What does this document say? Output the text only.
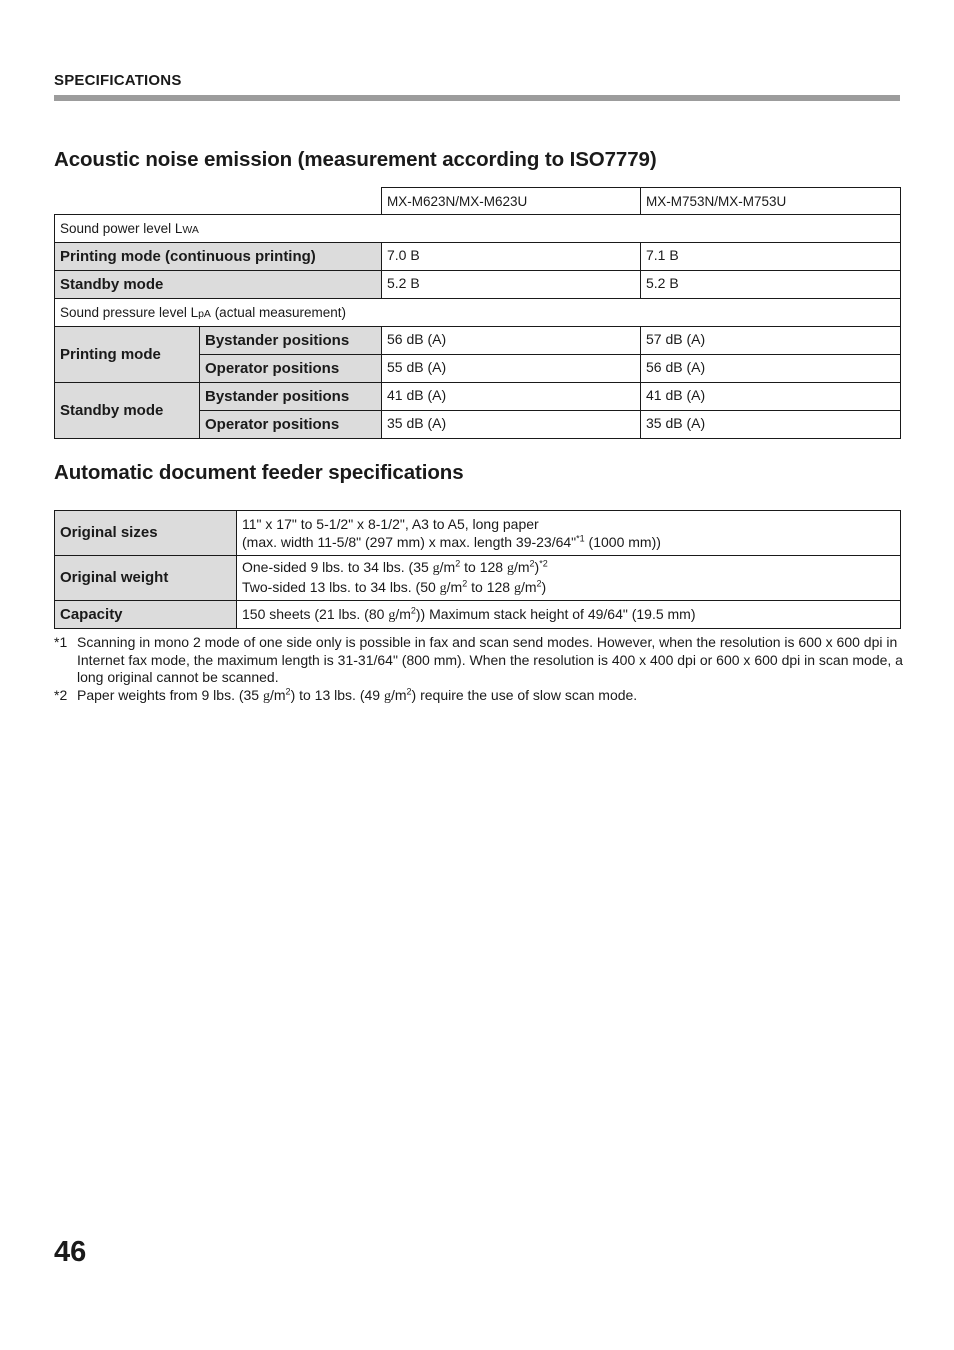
SPECIFICATIONS
Acoustic noise emission (measurement according to ISO7779)
		MX-M623N/MX-M623U	MX-M753N/MX-M753U
Sound power level LWA			
Printing mode (continuous printing)		7.0 B	7.1 B
Standby mode		5.2 B	5.2 B
Sound pressure level LpA (actual measurement)			
Printing mode	Bystander positions	56 dB (A)	57 dB (A)
	Operator positions	55 dB (A)	56 dB (A)
Standby mode	Bystander positions	41 dB (A)	41 dB (A)
	Operator positions	35 dB (A)	35 dB (A)
Automatic document feeder specifications
Original sizes	11" x 17" to 5-1/2" x 8-1/2", A3 to A5, long paper
(max. width 11-5/8" (297 mm) x max. length 39-23/64"$^{*1}$ (1000 mm))

Original weight	One-sided 9 lbs. to 34 lbs. (35 $g/m^2$ to 128 $g/m^2)^{*2}$
Two-sided 13 lbs. to 34 lbs. (50 $g/m^2$ to 128 $g/m^2$)

Capacity	150 sheets (21 lbs. (80 $g/m^2$)) Maximum stack height of 49/64" (19.5 mm)
*1 Scanning in mono 2 mode of one side only is possible in fax and scan send modes. However, when the resolution is 600 x 600 dpi in Internet fax mode, the maximum length is 31-31/64" (800 mm). When the resolution is 400 x 400 dpi or 600 x 600 dpi in scan mode, a long original cannot be scanned.
*2 Paper weights from 9 lbs. (35 $g/m^2$) to 13 lbs. (49 $g/m^2$) require the use of slow scan mode.
46
